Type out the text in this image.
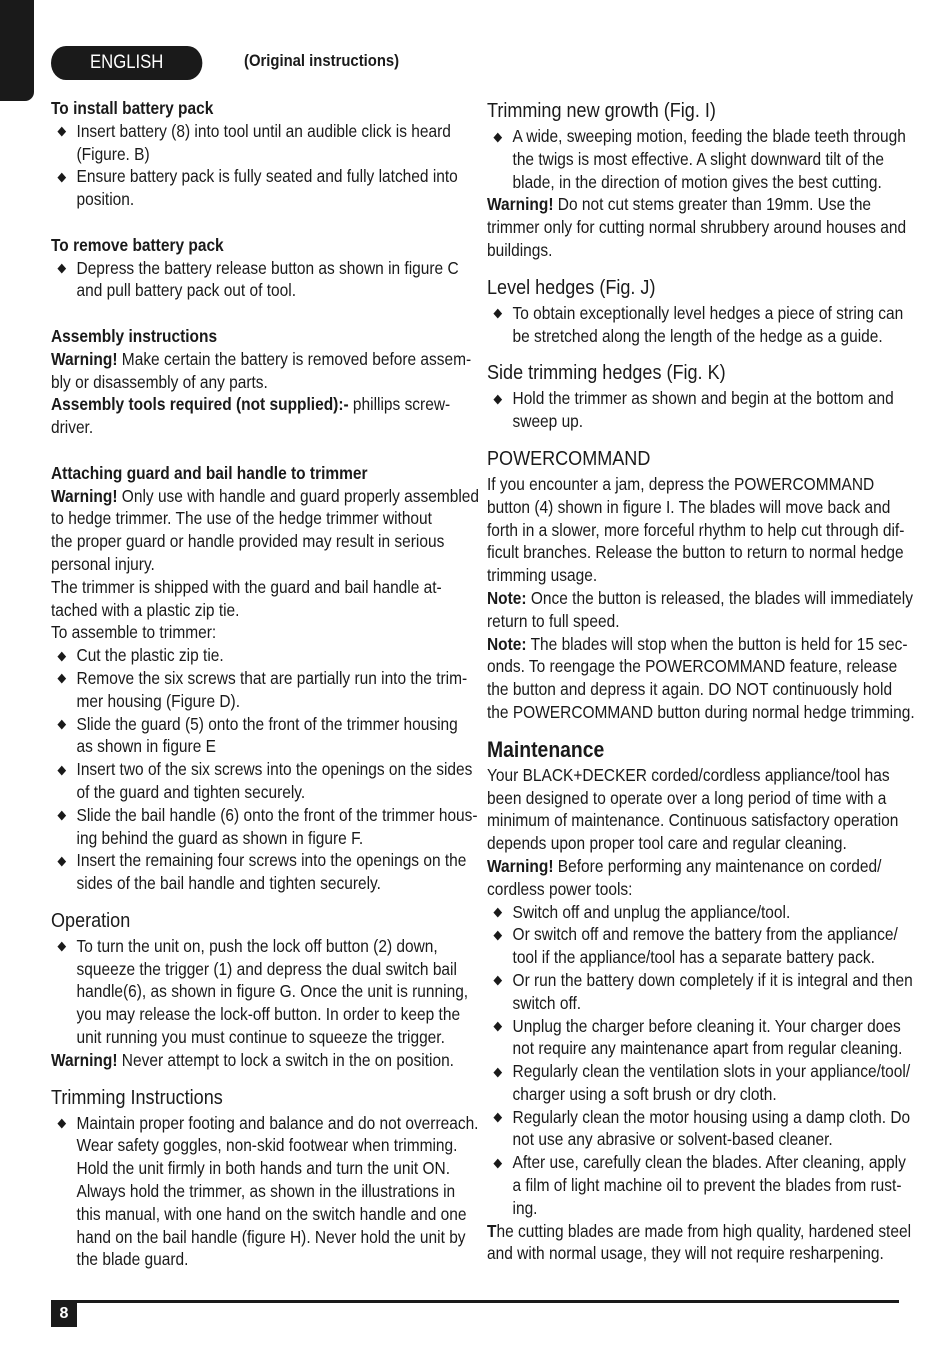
ENGLISH	(Original instructions)
To install battery pack
Insert battery (8) into tool until an audible click is heard
(Figure. B)
Ensure battery pack is fully seated and fully latched into
position.
To remove battery pack
Depress the battery release button as shown in figure C
and pull battery pack out of tool.
Assembly instructions
Warning! Make certain the battery is removed before assem-
bly or disassembly of any parts.
Assembly tools required (not supplied):- phillips screw-
driver.
Attaching guard and bail handle to trimmer
Warning! Only use with handle and guard properly assembled
to hedge trimmer. The use of the hedge trimmer without
the proper guard or handle provided may result in serious
personal injury.
The trimmer is shipped with the guard and bail handle at-
tached with a plastic zip tie.
To assemble to trimmer:
Cut the plastic zip tie.
Remove the six screws that are partially run into the trim-
mer housing (Figure D).
Slide the guard (5) onto the front of the trimmer housing
as shown in figure E
Insert two of the six screws into the openings on the sides
of the guard and tighten securely.
Slide the bail handle (6) onto the front of the trimmer hous-
ing behind the guard as shown in figure F.
Insert the remaining four screws into the openings on the
sides of the bail handle and tighten securely.
Operation
To turn the unit on, push the lock off button (2) down,
squeeze the trigger (1) and depress the dual switch bail
handle(6), as shown in figure G. Once the unit is running,
you may release the lock-off button. In order to keep the
unit running you must continue to squeeze the trigger.
Warning! Never attempt to lock a switch in the on position.
Trimming Instructions
Maintain proper footing and balance and do not overreach.
Wear safety goggles, non-skid footwear when trimming.
Hold the unit firmly in both hands and turn the unit ON.
Always hold the trimmer, as shown in the illustrations in
this manual, with one hand on the switch handle and one
hand on the bail handle (figure H). Never hold the unit by
the blade guard.
Trimming new growth (Fig. I)
A wide, sweeping motion, feeding the blade teeth through
the twigs is most effective. A slight downward tilt of the
blade, in the direction of motion gives the best cutting.
Warning! Do not cut stems greater than 19mm. Use the
trimmer only for cutting normal shrubbery around houses and
buildings.
Level hedges (Fig. J)
To obtain exceptionally level hedges a piece of string can
be stretched along the length of the hedge as a guide.
Side trimming hedges (Fig. K)
Hold the trimmer as shown and begin at the bottom and
sweep up.
POWERCOMMAND
If you encounter a jam, depress the POWERCOMMAND
button (4) shown in figure I. The blades will move back and
forth in a slower, more forceful rhythm to help cut through dif-
ficult branches. Release the button to return to normal hedge
trimming usage.
Note: Once the button is released, the blades will immediately
return to full speed.
Note: The blades will stop when the button is held for 15 sec-
onds. To reengage the POWERCOMMAND feature, release
the button and depress it again. DO NOT continuously hold
the POWERCOMMAND button during normal hedge trimming.
Maintenance
Your BLACK+DECKER corded/cordless appliance/tool has
been designed to operate over a long period of time with a
minimum of maintenance. Continuous satisfactory operation
depends upon proper tool care and regular cleaning.
Warning! Before performing any maintenance on corded/
cordless power tools:
Switch off and unplug the appliance/tool.
Or switch off and remove the battery from the appliance/
tool if the appliance/tool has a separate battery pack.
Or run the battery down completely if it is integral and then
switch off.
Unplug the charger before cleaning it. Your charger does
not require any maintenance apart from regular cleaning.
Regularly clean the ventilation slots in your appliance/tool/
charger using a soft brush or dry cloth.
Regularly clean the motor housing using a damp cloth. Do
not use any abrasive or solvent-based cleaner.
After use, carefully clean the blades. After cleaning, apply
a film of light machine oil to prevent the blades from rust-
ing.
The cutting blades are made from high quality, hardened steel
and with normal usage, they will not require resharpening.
8
